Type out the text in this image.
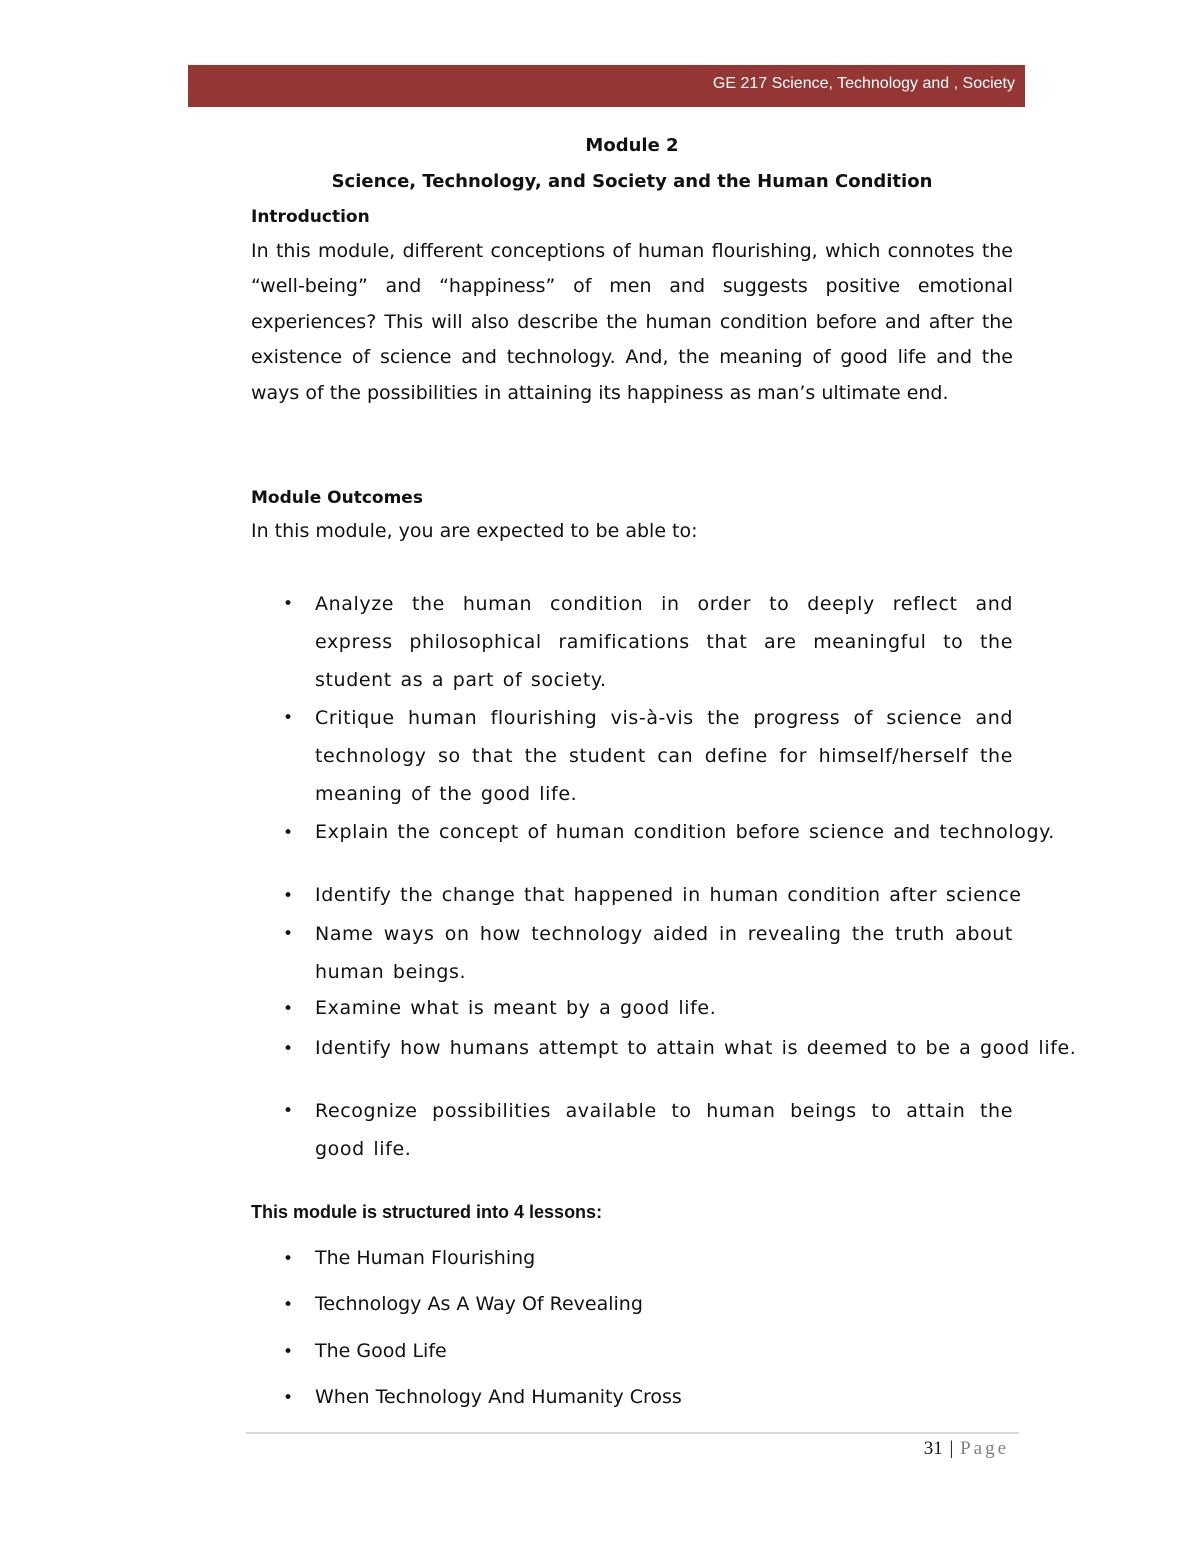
GE 217 Science, Technology and , Society

Module 2

Science, Technology, and Society and the Human Condition

Introduction

In this module, different conceptions of human flourishing, which connotes the “well-being” and “happiness” of men and suggests positive emotional experiences? This will also describe the human condition before and after the existence of science and technology. And, the meaning of good life and the ways of the possibilities in attaining its happiness as man’s ultimate end.

Module Outcomes

In this module, you are expected to be able to:

• Analyze the human condition in order to deeply reflect and express philosophical ramifications that are meaningful to the student as a part of society.

• Critique human flourishing vis-à-vis the progress of science and technology so that the student can define for himself/herself the meaning of the good life.

• Explain the concept of human condition before science and technology.

• Identify the change that happened in human condition after science

• Name ways on how technology aided in revealing the truth about human beings.

• Examine what is meant by a good life.

• Identify how humans attempt to attain what is deemed to be a good life.

• Recognize possibilities available to human beings to attain the good life.

This module is structured into 4 lessons:

• The Human Flourishing

• Technology As A Way Of Revealing

• The Good Life

• When Technology And Humanity Cross

31 | Page
